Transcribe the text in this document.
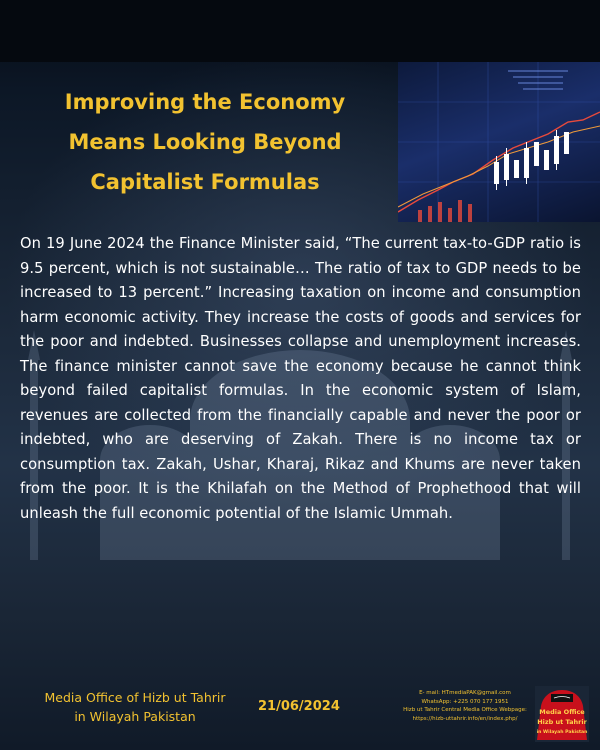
Improving the Economy
Means Looking Beyond
Capitalist Formulas

On 19 June 2024 the Finance Minister said, “The current tax-to-GDP ratio is 9.5 percent, which is not sustainable… The ratio of tax to GDP needs to be increased to 13 percent.” Increasing taxation on income and consumption harm economic activity. They increase the costs of goods and services for the poor and indebted. Businesses collapse and unemployment increases. The finance minister cannot save the economy because he cannot think beyond failed capitalist formulas. In the economic system of Islam, revenues are collected from the financially capable and never the poor or indebted, who are deserving of Zakah. There is no income tax or consumption tax. Zakah, Ushar, Kharaj, Rikaz and Khums are never taken from the poor. It is the Khilafah on the Method of Prophethood that will unleash the full economic potential of the Islamic Ummah.

Media Office of Hizb ut Tahrir
in Wilayah Pakistan
21/06/2024
E- mail: HTmediaPAK@gmail.com
WhatsApp: +225 070 177 1951
Hizb ut Tahrir Central Media Office Webpage:
https://hizb-uttahrir.info/en/index.php/
Media Office
Hizb ut Tahrir
in Wilayah Pakistan
